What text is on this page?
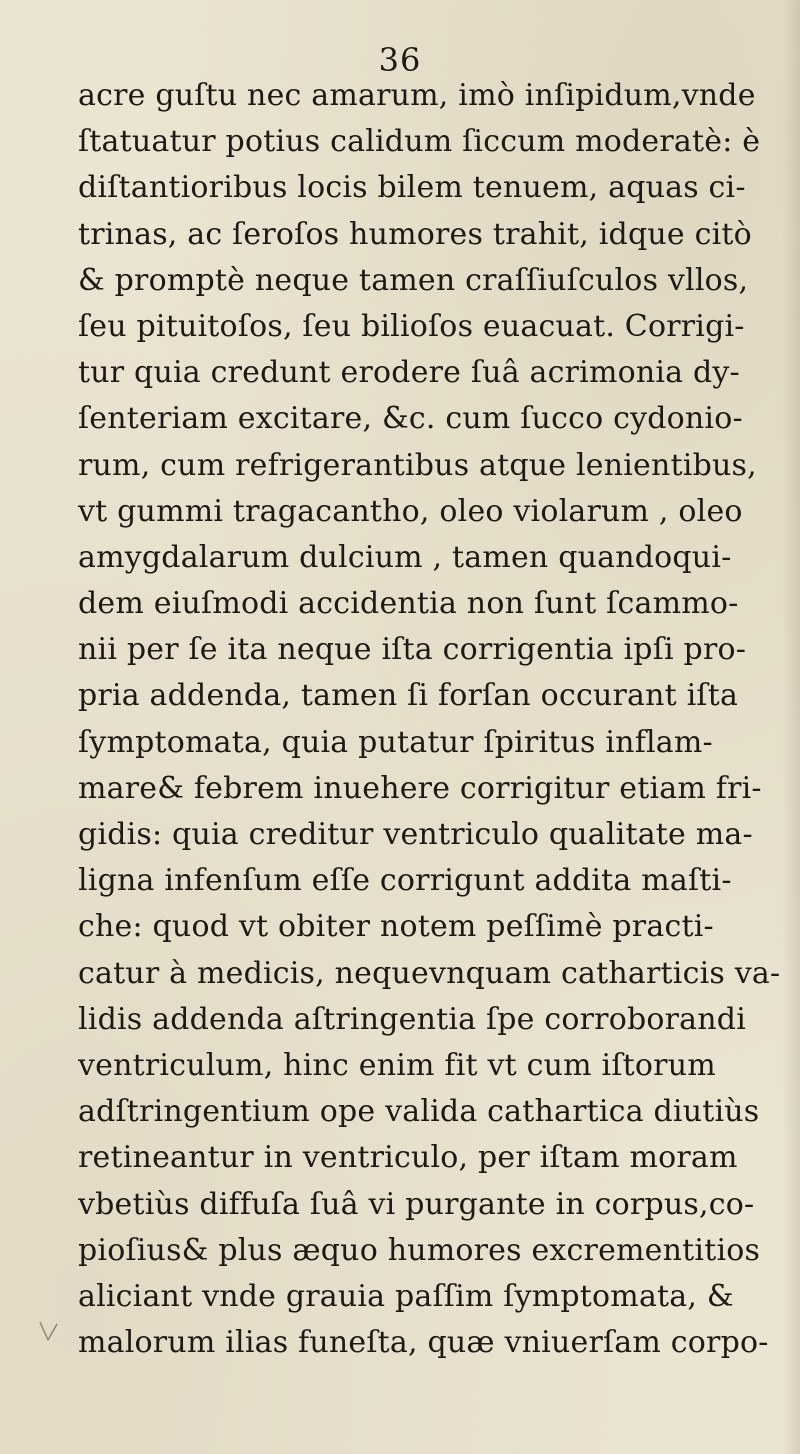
36
acre guſtu nec amarum, imò inſipidum,vnde
ſtatuatur potius calidum ſiccum moderatè: è
diſtantioribus locis bilem tenuem, aquas ci-
trinas, ac ſeroſos humores trahit, idque citò
& promptè neque tamen craſſiuſculos vllos,
ſeu pituitoſos, ſeu bilioſos euacuat. Corrigi-
tur quia credunt erodere ſuâ acrimonia dy-
ſenteriam excitare, &c. cum ſucco cydonio-
rum, cum refrigerantibus atque lenientibus,
vt gummi tragacantho, oleo violarum , oleo
amygdalarum dulcium , tamen quandoqui-
dem eiuſmodi accidentia non ſunt ſcammo-
nii per ſe ita neque iſta corrigentia ipſi pro-
pria addenda, tamen ſi forſan occurant iſta
ſymptomata, quia putatur ſpiritus inflam-
mare& febrem inuehere corrigitur etiam fri-
gidis: quia creditur ventriculo qualitate ma-
ligna infenſum eſſe corrigunt addita maſti-
che: quod vt obiter notem peſſimè practi-
catur à medicis, nequevnquam catharticis va-
lidis addenda aſtringentia ſpe corroborandi
ventriculum, hinc enim fit vt cum iſtorum
adſtringentium ope valida cathartica diutiùs
retineantur in ventriculo, per iſtam moram
vbetiùs diffuſa ſuâ vi purgante in corpus,co-
pioſius& plus æquo humores excrementitios
aliciant vnde grauia paſſim ſymptomata, &
malorum ilias funeſta, quæ vniuerſam corpo-
